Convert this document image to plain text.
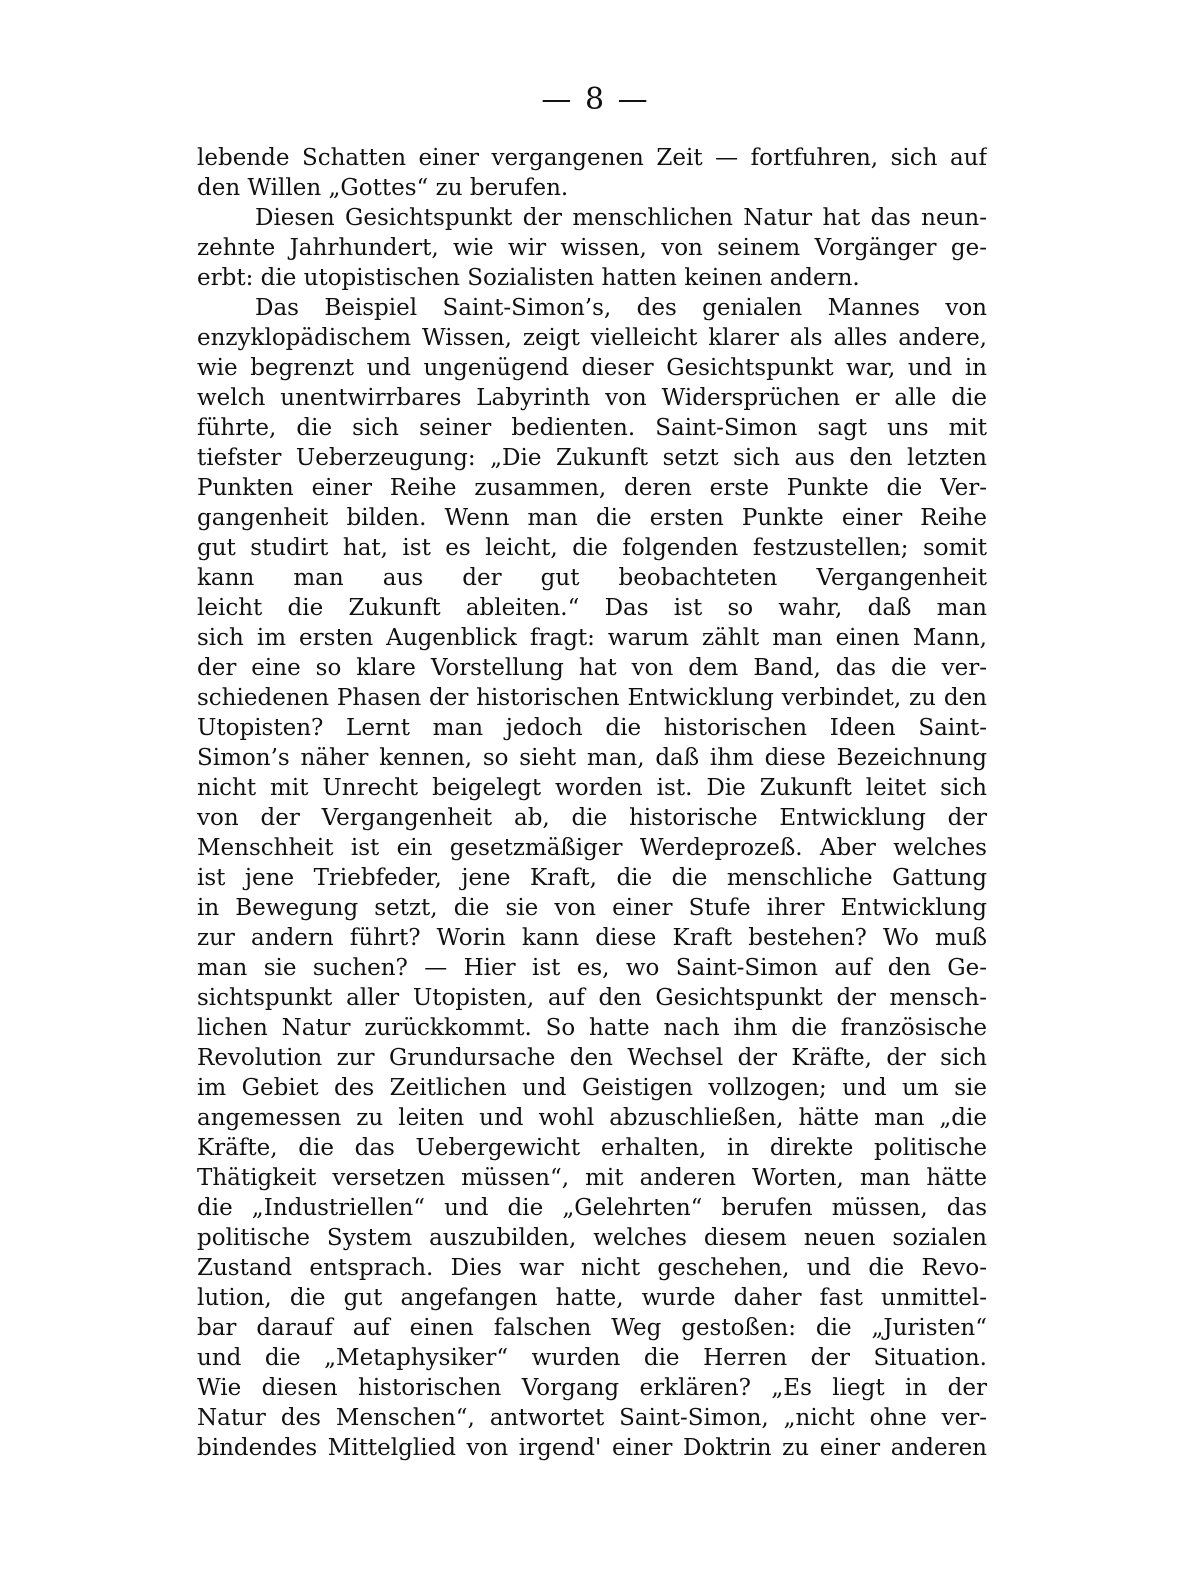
— 8 —
lebende Schatten einer vergangenen Zeit — fortfuhren, sich auf
den Willen „Gottes“ zu berufen.
Diesen Gesichtspunkt der menschlichen Natur hat das neun-
zehnte Jahrhundert, wie wir wissen, von seinem Vorgänger ge-
erbt: die utopistischen Sozialisten hatten keinen andern.
Das Beispiel Saint-Simon’s, des genialen Mannes von
enzyklopädischem Wissen, zeigt vielleicht klarer als alles andere,
wie begrenzt und ungenügend dieser Gesichtspunkt war, und in
welch unentwirrbares Labyrinth von Widersprüchen er alle die
führte, die sich seiner bedienten. Saint-Simon sagt uns mit
tiefster Ueberzeugung: „Die Zukunft setzt sich aus den letzten
Punkten einer Reihe zusammen, deren erste Punkte die Ver-
gangenheit bilden. Wenn man die ersten Punkte einer Reihe
gut studirt hat, ist es leicht, die folgenden festzustellen; somit
kann man aus der gut beobachteten Vergangenheit
leicht die Zukunft ableiten.“ Das ist so wahr, daß man
sich im ersten Augenblick fragt: warum zählt man einen Mann,
der eine so klare Vorstellung hat von dem Band, das die ver-
schiedenen Phasen der historischen Entwicklung verbindet, zu den
Utopisten? Lernt man jedoch die historischen Ideen Saint-
Simon’s näher kennen, so sieht man, daß ihm diese Bezeichnung
nicht mit Unrecht beigelegt worden ist. Die Zukunft leitet sich
von der Vergangenheit ab, die historische Entwicklung der
Menschheit ist ein gesetzmäßiger Werdeprozeß. Aber welches
ist jene Triebfeder, jene Kraft, die die menschliche Gattung
in Bewegung setzt, die sie von einer Stufe ihrer Entwicklung
zur andern führt? Worin kann diese Kraft bestehen? Wo muß
man sie suchen? — Hier ist es, wo Saint-Simon auf den Ge-
sichtspunkt aller Utopisten, auf den Gesichtspunkt der mensch-
lichen Natur zurückkommt. So hatte nach ihm die französische
Revolution zur Grundursache den Wechsel der Kräfte, der sich
im Gebiet des Zeitlichen und Geistigen vollzogen; und um sie
angemessen zu leiten und wohl abzuschließen, hätte man „die
Kräfte, die das Uebergewicht erhalten, in direkte politische
Thätigkeit versetzen müssen“, mit anderen Worten, man hätte
die „Industriellen“ und die „Gelehrten“ berufen müssen, das
politische System auszubilden, welches diesem neuen sozialen
Zustand entsprach. Dies war nicht geschehen, und die Revo-
lution, die gut angefangen hatte, wurde daher fast unmittel-
bar darauf auf einen falschen Weg gestoßen: die „Juristen“
und die „Metaphysiker“ wurden die Herren der Situation.
Wie diesen historischen Vorgang erklären? „Es liegt in der
Natur des Menschen“, antwortet Saint-Simon, „nicht ohne ver-
bindendes Mittelglied von irgend' einer Doktrin zu einer anderen
